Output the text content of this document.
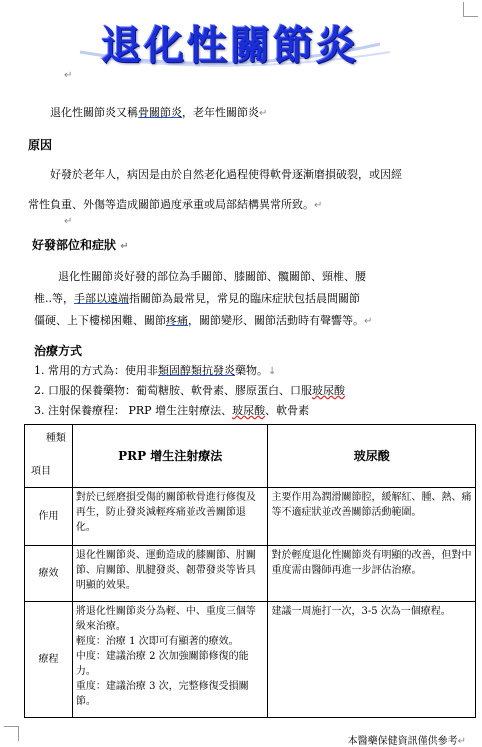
退化性關節炎
↵
退化性關節炎又稱骨關節炎，老年性關節炎↵
原因
好發於老年人，病因是由於自然老化過程使得軟骨逐漸磨損破裂，或因經
常性負重、外傷等造成關節過度承重或局部結構異常所致。↵
↵
好發部位和症狀 ↵
退化性關節炎好發的部位為手關節、膝關節、髖關節、頸椎、腰
椎..等，手部以遠端指關節為最常見，常見的臨床症狀包括晨間關節
僵硬、上下樓梯困難、關節疼痛，關節變形、關節活動時有聲響等。↵
治療方式
1. 常用的方式為：使用非類固醇類抗發炎藥物。↓
2. 口服的保養藥物：葡萄糖胺、軟骨素、膠原蛋白、口服玻尿酸
3. 注射保養療程： PRP 增生注射療法、玻尿酸、軟骨素
種類
項目	PRP 增生注射療法	玻尿酸
作用	對於已經磨損受傷的關節軟骨進行修復及再生，防止發炎減輕疼痛並改善關節退化。	主要作用為潤滑關節腔，緩解紅、腫、熱、痛等不適症狀並改善關節活動範圍。
療效	退化性關節炎、運動造成的膝關節、肘關節、肩關節、肌腱發炎、韌帶發炎等皆具明顯的效果。	對於輕度退化性關節炎有明顯的改善，但對中重度需由醫師再進一步評估治療。
療程	將退化性關節炎分為輕、中、重度三個等級來治療。
輕度：治療 1 次即可有顯著的療效。
中度：建議治療 2 次加強關節修復的能力。
重度：建議治療 3 次，完整修復受損關節。	建議一周施打一次，3-5 次為一個療程。
本醫藥保健資訊僅供參考↵
